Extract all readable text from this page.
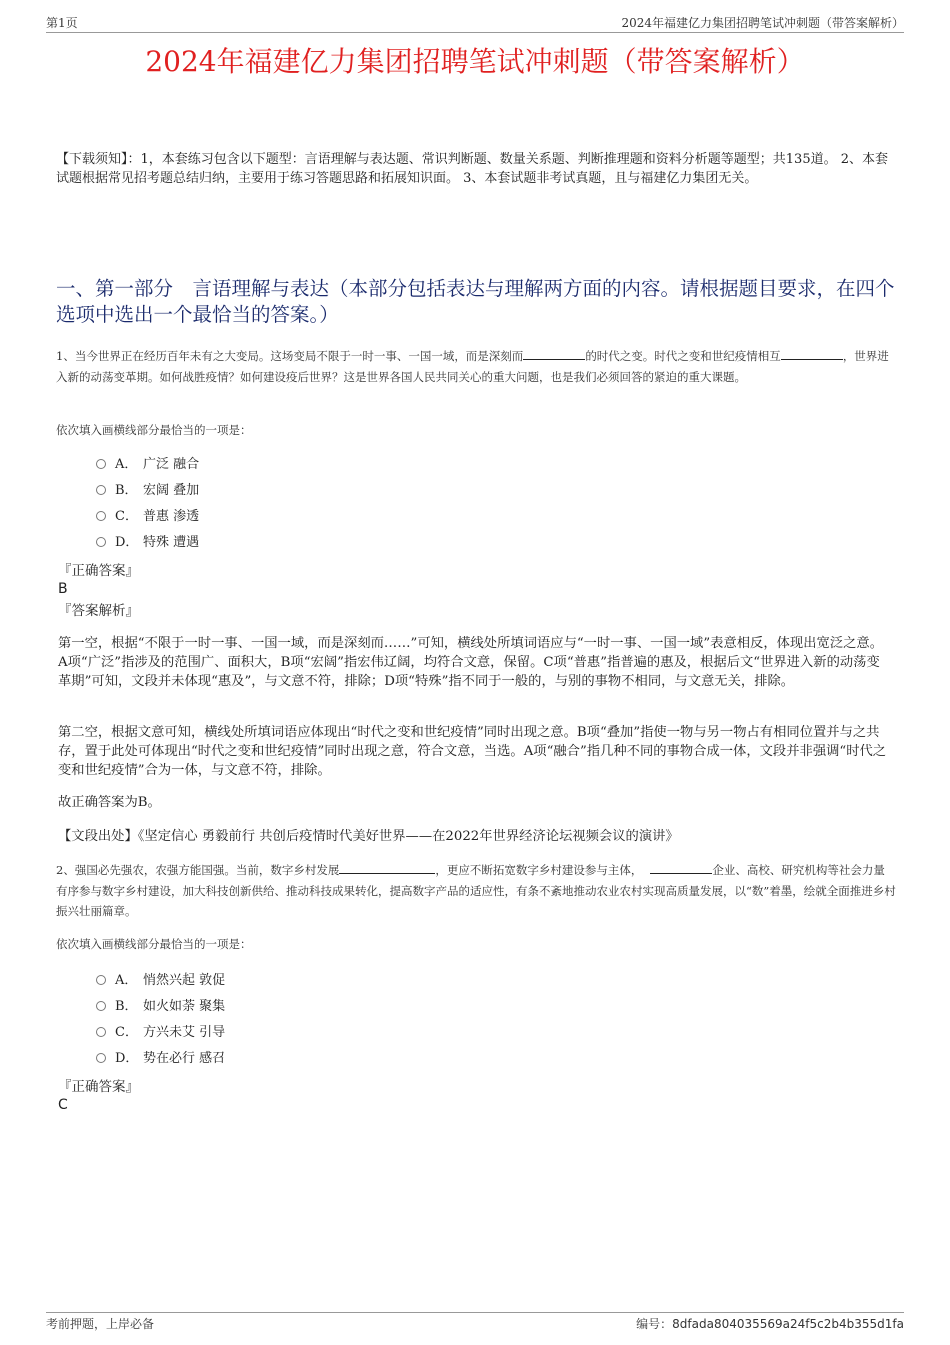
第1页	2024年福建亿力集团招聘笔试冲刺题（带答案解析）
2024年福建亿力集团招聘笔试冲刺题（带答案解析）
【下载须知】：1，本套练习包含以下题型：言语理解与表达题、常识判断题、数量关系题、判断推理题和资料分析题等题型；共135道。 2、本套试题根据常见招考题总结归纳，主要用于练习答题思路和拓展知识面。 3、本套试题非考试真题，且与福建亿力集团无关。
一、第一部分　言语理解与表达（本部分包括表达与理解两方面的内容。请根据题目要求，在四个选项中选出一个最恰当的答案。）
1、当今世界正在经历百年未有之大变局。这场变局不限于一时一事、一国一域，而是深刻而	的时代之变。时代之变和世纪疫情相互	，世界进入新的动荡变革期。如何战胜疫情？如何建设疫后世界？这是世界各国人民共同关心的重大问题，也是我们必须回答的紧迫的重大课题。
依次填入画横线部分最恰当的一项是：
A． 广泛 融合
B． 宏阔 叠加
C． 普惠 渗透
D． 特殊 遭遇
『正确答案』
B
『答案解析』
第一空，根据“不限于一时一事、一国一域，而是深刻而……”可知，横线处所填词语应与“一时一事、一国一域”表意相反，体现出宽泛之意。A项“广泛”指涉及的范围广、面积大，B项“宏阔”指宏伟辽阔，均符合文意，保留。C项“普惠”指普遍的惠及，根据后文“世界进入新的动荡变革期”可知，文段并未体现“惠及”，与文意不符，排除；D项“特殊”指不同于一般的，与别的事物不相同，与文意无关，排除。
第二空，根据文意可知，横线处所填词语应体现出“时代之变和世纪疫情”同时出现之意。B项“叠加”指使一物与另一物占有相同位置并与之共存，置于此处可体现出“时代之变和世纪疫情”同时出现之意，符合文意，当选。A项“融合”指几种不同的事物合成一体，文段并非强调“时代之变和世纪疫情”合为一体，与文意不符，排除。
故正确答案为B。
【文段出处】《坚定信心 勇毅前行 共创后疫情时代美好世界——在2022年世界经济论坛视频会议的演讲》
2、强国必先强农，农强方能国强。当前，数字乡村发展	，更应不断拓宽数字乡村建设参与主体，	企业、高校、研究机构等社会力量有序参与数字乡村建设，加大科技创新供给、推动科技成果转化，提高数字产品的适应性，有条不紊地推动农业农村实现高质量发展，以“数”着墨，绘就全面推进乡村振兴壮丽篇章。
依次填入画横线部分最恰当的一项是：
A． 悄然兴起 敦促
B． 如火如荼 聚集
C． 方兴未艾 引导
D． 势在必行 感召
『正确答案』
C
考前押题，上岸必备	编号：8dfada804035569a24f5c2b4b355d1fa
